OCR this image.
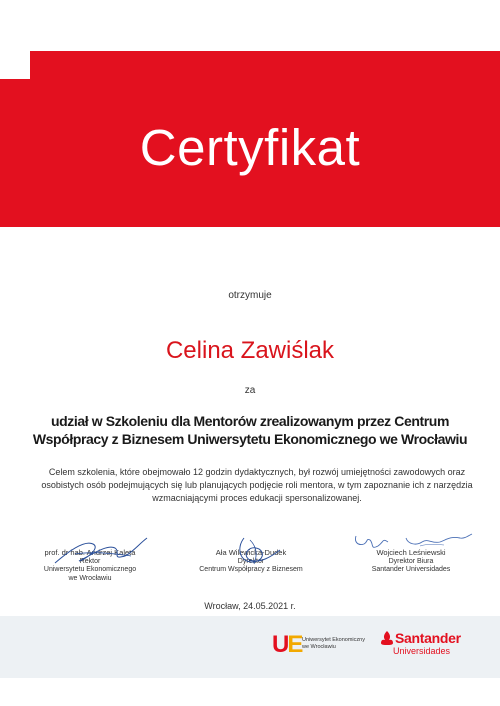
Certyfikat
otrzymuje
Celina Zawiślak
za
udział w Szkoleniu dla Mentorów zrealizowanym przez Centrum
Współpracy z Biznesem Uniwersytetu Ekonomicznego we Wrocławiu
Celem szkolenia, które obejmowało 12 godzin dydaktycznych, był rozwój umiejętności zawodowych oraz
osobistych osób podejmujących się lub planujących podjęcie roli mentora, w tym zapoznanie ich z narzędzia
wzmacniającymi proces edukacji spersonalizowanej.
prof. dr hab. Andrzej Kaleta
Rektor
Uniwersytetu Ekonomicznego
we Wrocławiu
Ała Wilewicka-Dudek
Dyrektor
Centrum Współpracy z Biznesem
Wojciech Leśniewski
Dyrektor Biura
Santander Universidades
Wrocław, 24.05.2021 r.
UE Uniwersytet Ekonomiczny
we Wrocławiu
Santander
Universidades
